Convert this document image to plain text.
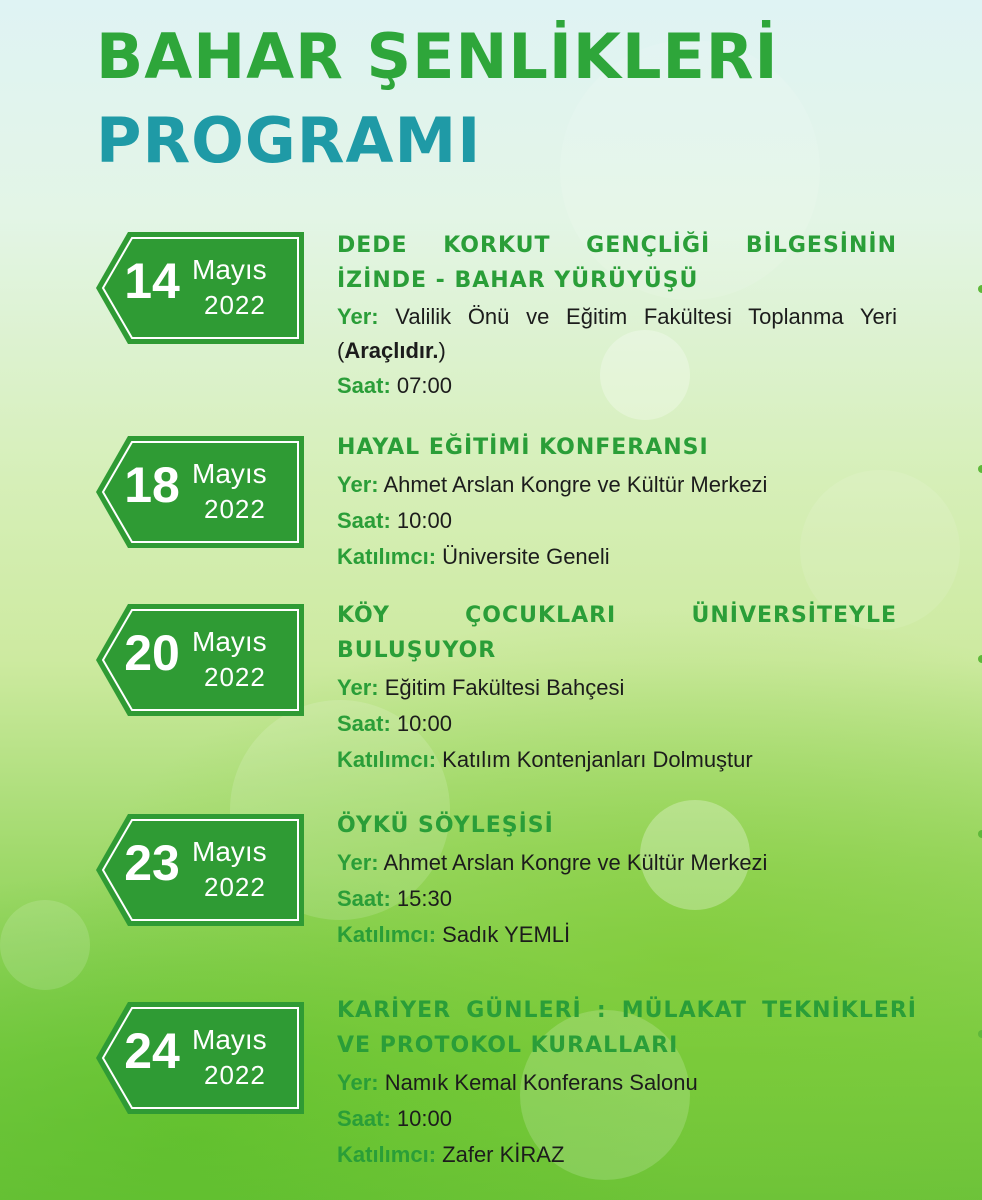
BAHAR ŞENLİKLERİ
PROGRAMI
14 Mayıs
2022

DEDE KORKUT GENÇLİĞİ BİLGESİNİN İZİNDE - BAHAR YÜRÜYÜŞÜ

Yer: Valilik Önü ve Eğitim Fakültesi Toplanma Yeri (Araçlıdır.)
Saat: 07:00
18 Mayıs
2022

HAYAL EĞİTİMİ KONFERANSI

Yer: Ahmet Arslan Kongre ve Kültür Merkezi
Saat: 10:00
Katılımcı: Üniversite Geneli
20 Mayıs
2022

KÖY ÇOCUKLARI ÜNİVERSİTEYLE BULUŞUYOR

Yer: Eğitim Fakültesi Bahçesi
Saat: 10:00
Katılımcı: Katılım Kontenjanları Dolmuştur
23 Mayıs
2022

ÖYKÜ SÖYLEŞİSİ

Yer: Ahmet Arslan Kongre ve Kültür Merkezi
Saat: 15:30
Katılımcı: Sadık YEMLİ
24 Mayıs
2022

KARİYER GÜNLERİ : MÜLAKAT TEKNİKLERİ VE PROTOKOL KURALLARI

Yer: Namık Kemal Konferans Salonu
Saat: 10:00
Katılımcı: Zafer KİRAZ
